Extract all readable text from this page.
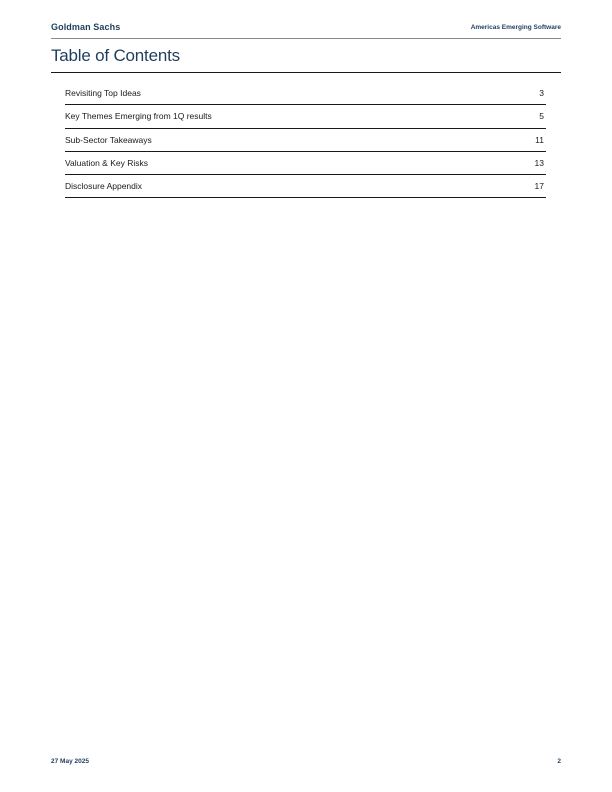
Goldman Sachs	Americas Emerging Software
Table of Contents
Revisiting Top Ideas	3
Key Themes Emerging from 1Q results	5
Sub-Sector Takeaways	11
Valuation & Key Risks	13
Disclosure Appendix	17
27 May 2025	2
